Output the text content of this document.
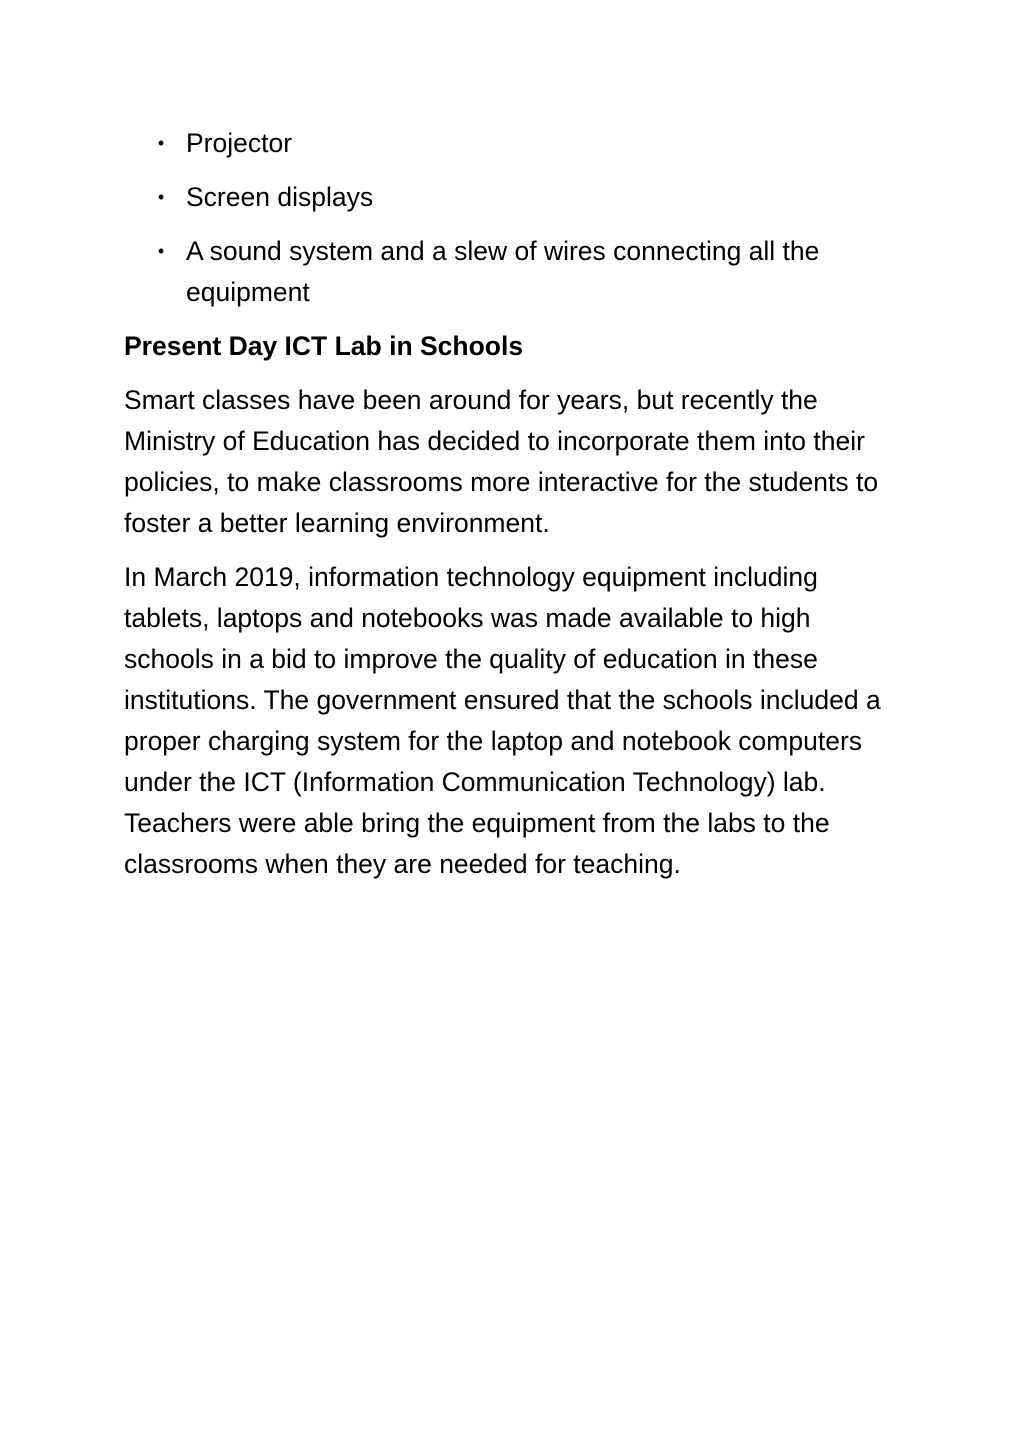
• Projector
• Screen displays
• A sound system and a slew of wires connecting all the equipment
Present Day ICT Lab in Schools

Smart classes have been around for years, but recently the Ministry of Education has decided to incorporate them into their policies, to make classrooms more interactive for the students to foster a better learning environment.

In March 2019, information technology equipment including tablets, laptops and notebooks was made available to high schools in a bid to improve the quality of education in these institutions. The government ensured that the schools included a proper charging system for the laptop and notebook computers under the ICT (Information Communication Technology) lab. Teachers were able bring the equipment from the labs to the classrooms when they are needed for teaching.
